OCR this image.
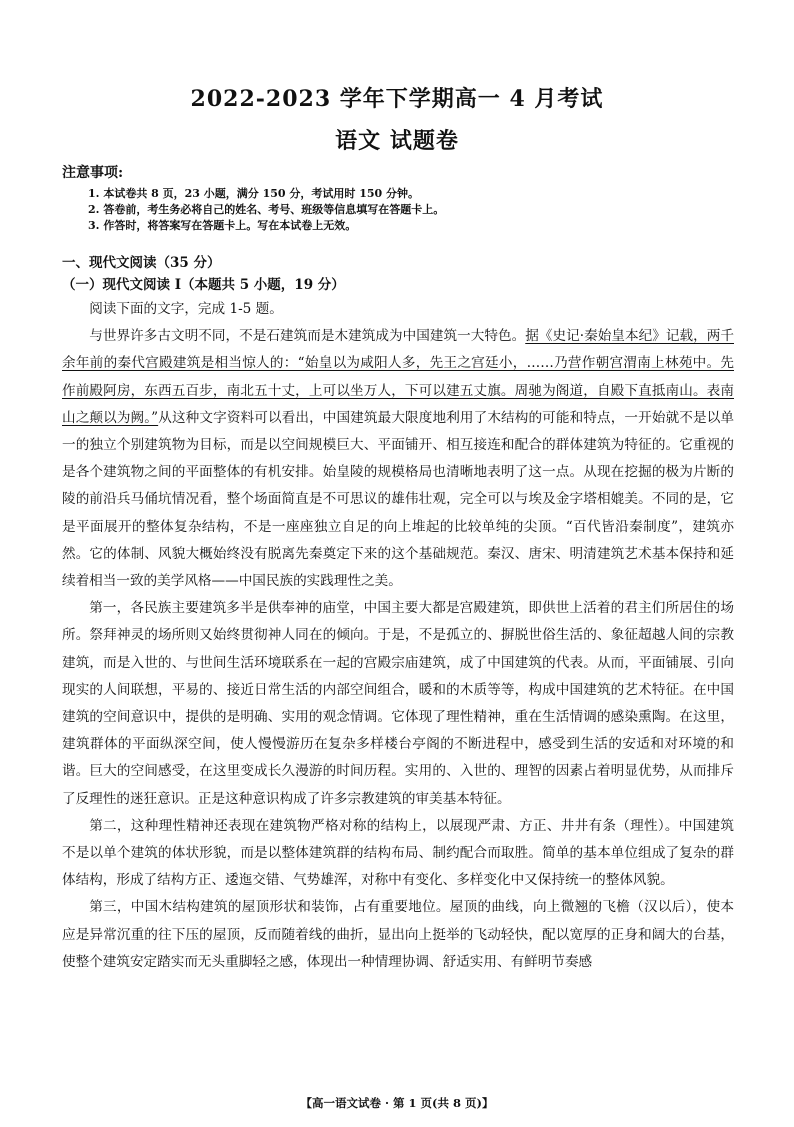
2022-2023 学年下学期高一 4 月考试
语文 试题卷
注意事项:
1. 本试卷共 8 页，23 小题，满分 150 分，考试用时 150 分钟。
2. 答卷前，考生务必将自己的姓名、考号、班级等信息填写在答题卡上。
3. 作答时，将答案写在答题卡上。写在本试卷上无效。
一、现代文阅读（35 分）
（一）现代文阅读 Ⅰ（本题共 5 小题，19 分）

阅读下面的文字，完成 1-5 题。

与世界许多古文明不同，不是石建筑而是木建筑成为中国建筑一大特色。据《史记·秦始皇本纪》记载，两千余年前的秦代宫殿建筑是相当惊人的：“始皇以为咸阳人多，先王之宫廷小，……乃营作朝宫渭南上林苑中。先作前殿阿房，东西五百步，南北五十丈，上可以坐万人，下可以建五丈旗。周驰为阁道，自殿下直抵南山。表南山之颠以为阙。”从这种文字资料可以看出，中国建筑最大限度地利用了木结构的可能和特点，一开始就不是以单一的独立个别建筑物为目标，而是以空间规模巨大、平面铺开、相互接连和配合的群体建筑为特征的。它重视的是各个建筑物之间的平面整体的有机安排。始皇陵的规模格局也清晰地表明了这一点。从现在挖掘的极为片断的陵的前沿兵马俑坑情况看，整个场面简直是不可思议的雄伟壮观，完全可以与埃及金字塔相媲美。不同的是，它是平面展开的整体复杂结构，不是一座座独立自足的向上堆起的比较单纯的尖顶。“百代皆沿秦制度”，建筑亦然。它的体制、风貌大概始终没有脱离先秦奠定下来的这个基础规范。秦汉、唐宋、明清建筑艺术基本保持和延续着相当一致的美学风格——中国民族的实践理性之美。

第一，各民族主要建筑多半是供奉神的庙堂，中国主要大都是宫殿建筑，即供世上活着的君主们所居住的场所。祭拜神灵的场所则又始终贯彻神人同在的倾向。于是，不是孤立的、摒脱世俗生活的、象征超越人间的宗教建筑，而是入世的、与世间生活环境联系在一起的宫殿宗庙建筑，成了中国建筑的代表。从而，平面铺展、引向现实的人间联想，平易的、接近日常生活的内部空间组合，暖和的木质等等，构成中国建筑的艺术特征。在中国建筑的空间意识中，提供的是明确、实用的观念情调。它体现了理性精神，重在生活情调的感染熏陶。在这里，建筑群体的平面纵深空间，使人慢慢游历在复杂多样楼台亭阁的不断进程中，感受到生活的安适和对环境的和谐。巨大的空间感受，在这里变成长久漫游的时间历程。实用的、入世的、理智的因素占着明显优势，从而排斥了反理性的迷狂意识。正是这种意识构成了许多宗教建筑的审美基本特征。

第二，这种理性精神还表现在建筑物严格对称的结构上，以展现严肃、方正、井井有条（理性）。中国建筑不是以单个建筑的体状形貌，而是以整体建筑群的结构布局、制约配合而取胜。简单的基本单位组成了复杂的群体结构，形成了结构方正、逶迤交错、气势雄浑，对称中有变化、多样变化中又保持统一的整体风貌。

第三，中国木结构建筑的屋顶形状和装饰，占有重要地位。屋顶的曲线，向上微翘的飞檐（汉以后），使本应是异常沉重的往下压的屋顶，反而随着线的曲折，显出向上挺举的飞动轻快，配以宽厚的正身和阔大的台基，使整个建筑安定踏实而无头重脚轻之感，体现出一种情理协调、舒适实用、有鲜明节奏感

【高一语文试卷 · 第 1 页(共 8 页)】
